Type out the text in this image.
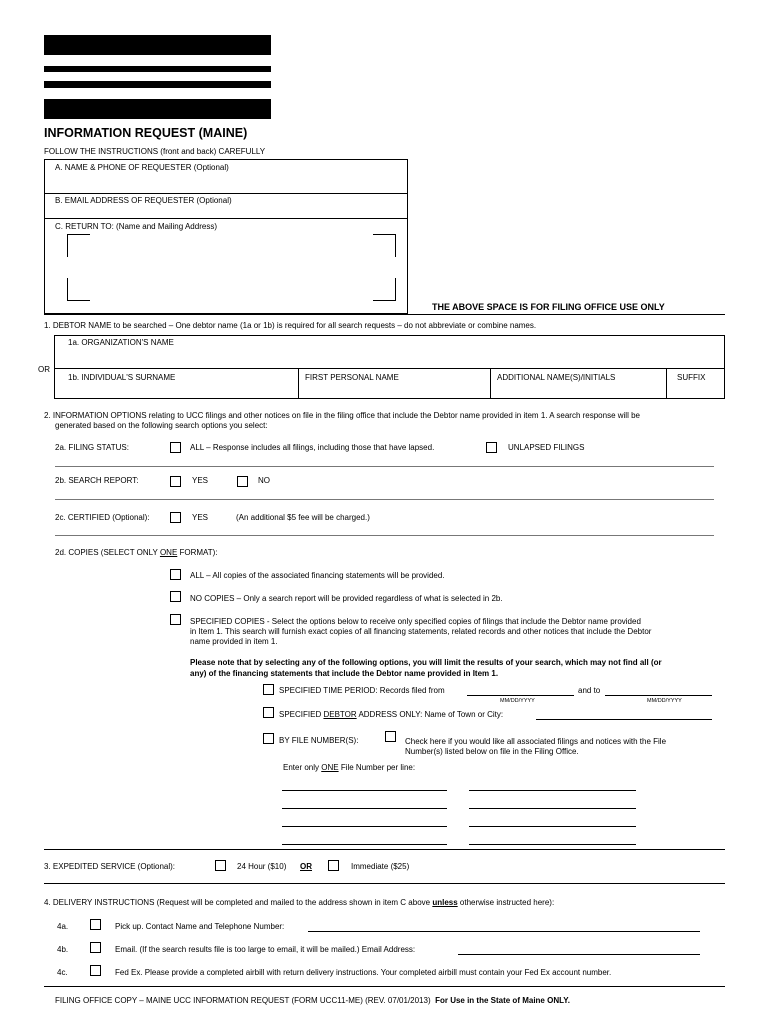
INFORMATION REQUEST (MAINE)
FOLLOW THE INSTRUCTIONS (front and back) CAREFULLY
A. NAME & PHONE OF REQUESTER (Optional)
B. EMAIL ADDRESS OF REQUESTER (Optional)
C. RETURN TO: (Name and Mailing Address)
THE ABOVE SPACE IS FOR FILING OFFICE USE ONLY
1. DEBTOR NAME to be searched – One debtor name (1a or 1b) is required for all search requests – do not abbreviate or combine names.
1a. ORGANIZATION'S NAME
OR
1b. INDIVIDUAL'S SURNAME	FIRST PERSONAL NAME	ADDITIONAL NAME(S)/INITIALS	SUFFIX
2. INFORMATION OPTIONS relating to UCC filings and other notices on file in the filing office that include the Debtor name provided in item 1. A search response will be
generated based on the following search options you select:
2a. FILING STATUS:	ALL – Response includes all filings, including those that have lapsed.	UNLAPSED FILINGS
2b. SEARCH REPORT:	YES	NO
2c. CERTIFIED (Optional):	YES	(An additional $5 fee will be charged.)
2d. COPIES (SELECT ONLY ONE FORMAT):
ALL – All copies of the associated financing statements will be provided.
NO COPIES – Only a search report will be provided regardless of what is selected in 2b.
SPECIFIED COPIES - Select the options below to receive only specified copies of filings that include the Debtor name provided
in Item 1. This search will furnish exact copies of all financing statements, related records and other notices that include the Debtor
name provided in item 1.
Please note that by selecting any of the following options, you will limit the results of your search, which may not find all (or
any) of the financing statements that include the Debtor name provided in Item 1.
SPECIFIED TIME PERIOD: Records filed from	and to
MM/DD/YYYY	MM/DD/YYYY
SPECIFIED DEBTOR ADDRESS ONLY: Name of Town or City:
BY FILE NUMBER(S):	Check here if you would like all associated filings and notices with the File
Number(s) listed below on file in the Filing Office.
Enter only ONE File Number per line:
3. EXPEDITED SERVICE (Optional):	24 Hour ($10) OR	Immediate ($25)
4. DELIVERY INSTRUCTIONS (Request will be completed and mailed to the address shown in item C above unless otherwise instructed here):
4a.	Pick up. Contact Name and Telephone Number:
4b.	Email. (If the search results file is too large to email, it will be mailed.) Email Address:
4c.	Fed Ex. Please provide a completed airbill with return delivery instructions. Your completed airbill must contain your Fed Ex account number.
FILING OFFICE COPY – MAINE UCC INFORMATION REQUEST (FORM UCC11-ME) (REV. 07/01/2013) For Use in the State of Maine ONLY.
